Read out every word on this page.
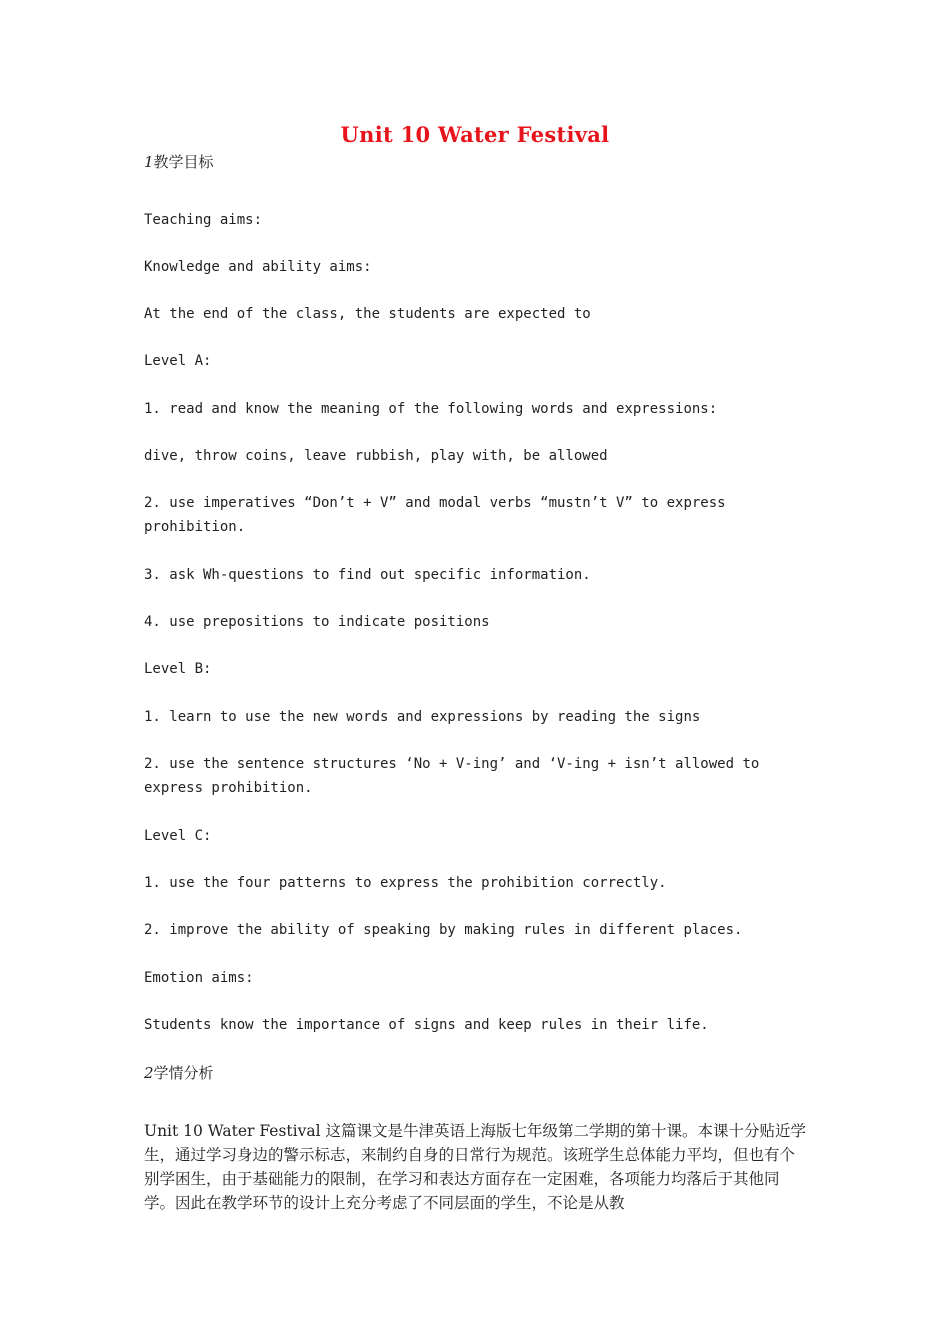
Unit 10 Water Festival
1教学目标
Teaching aims:
Knowledge and ability aims:
At the end of the class, the students are expected to
Level A:
1. read and know the meaning of the following words and expressions:
dive, throw coins, leave rubbish, play with, be allowed
2. use imperatives “Don’t + V” and modal verbs “mustn’t V” to express prohibition.
3. ask Wh-questions to find out specific information.
4. use prepositions to indicate positions
Level B:
1. learn to use the new words and expressions by reading the signs
2. use the sentence structures ‘No + V-ing’ and ‘V-ing + isn’t allowed to express prohibition.
Level C:
1. use the four patterns to express the prohibition correctly.
2. improve the ability of speaking by making rules in different places.
Emotion aims:
Students know the importance of signs and keep rules in their life.
2学情分析
Unit 10 Water Festival 这篇课文是牛津英语上海版七年级第二学期的第十课。本课十分贴近学生，通过学习身边的警示标志，来制约自身的日常行为规范。该班学生总体能力平均，但也有个别学困生，由于基础能力的限制，在学习和表达方面存在一定困难，各项能力均落后于其他同学。因此在教学环节的设计上充分考虑了不同层面的学生，不论是从教
